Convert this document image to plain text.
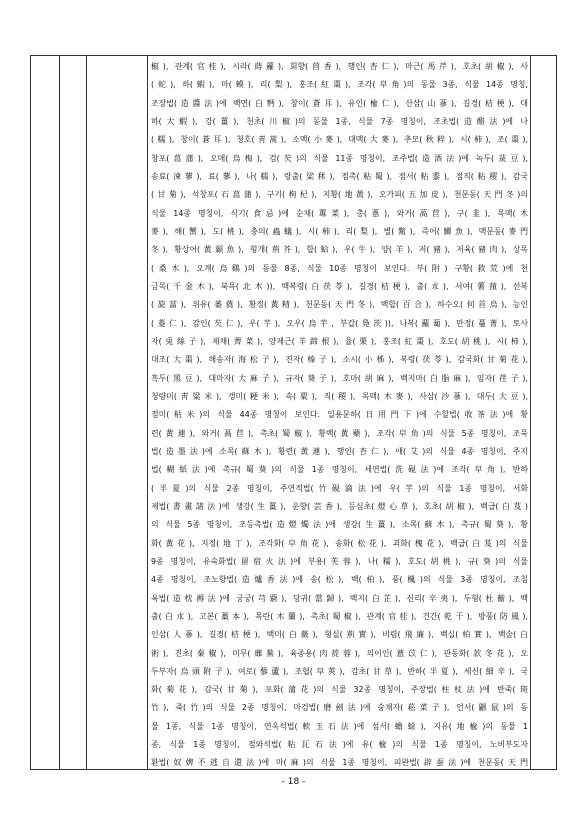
椒), 관계(官桂), 시라(蒔蘿), 회향(茴香), 행인(杏仁), 마근(馬芹), 호초(胡椒), 사
(蛇), 하(蝦), 마(蟆), 리(梨), 홍조(紅棗), 조각(皁角)의 동물 3종, 식물 14종 명칭,
조장법(造醬法)에 백면(白麪), 창이(蒼耳), 유인(楡仁), 산삼(山蔘), 길경(桔梗), 대
하(大蝦), 강(薑), 천초(川椒)의 동물 1종, 식물 7종 명칭이, 조초법(造醋法)에 나
(糯), 창이(蒼耳), 청호(靑蒿), 소맥(小麥), 대맥(大麥), 추모(秋粹), 시(柿), 조(棗),
창포(菖蒲), 오매(烏梅), 검(芡)의 식물 11종 명칭이, 조주법(造酒法)에 녹두(菉豆),
송료(涑蓼), 료(蓼), 나(糯), 랑출(梁秫), 점촉(粘蜀), 점서(粘黍), 점직(粘稷), 감국
(甘菊), 석창포(石菖蒲), 구기(枸杞), 지황(地黃), 오가피(五加皮), 천문동(天門冬)의
식물 14종 명칭이, 식기(食忌)에 순채(蓴菜), 총(蔥), 와거(萵苣), 구(韭), 목맥(木
麥), 해(蟹), 도(桃), 충의(蟲蟻), 시(柿), 리(梨), 별(鱉), 즉어(鯽魚), 맥문동(麥門
冬), 황상어(黃顙魚), 형개(荊芥), 합(蛤), 우(牛), 양(羊), 저(豬), 저육(豬肉), 상목
(桑木), 오계(烏鷄)의 동물 8종, 식물 10종 명칭이 보인다. 부(附) 구황(救荒)에 천
금목(千金木), 북목(北木)), 백복령(白茯苓), 길경(桔梗), 출(朮), 서여(薯蕷), 선복
(旋葍), 위유(萎蕤), 황정(黃精), 천문동(天門冬), 백합(百合), 하수오(何首烏), 능인
(菱仁), 감인(芡仁), 우(芋), 오우(烏芋, 부갑(鳧茨)), 나복(蘿蔔), 만정(蔓菁), 토사
자(兎絲子), 제채(薺菜), 양제근(羊蹄根), 율(栗), 홍조(紅棗), 호도(胡桃), 시(柿),
대조(大棗), 해송자(海松子), 진자(榛子), 소시(小柹), 복령(茯苓), 감국화(甘菊花),
흑두(黑豆), 대마자(大麻子), 규자(葵子), 호마(胡麻), 백지마(白脂麻), 임자(荏子),
청량미(靑粱米), 갱미(粳米), 속(粟), 직(稷), 목맥(木麥), 사삼(沙蔘), 대두(大豆),
점미(粘米)의 식물 44종 명칭이 보인다. 일용문하(日用門下)에 수할법(收茶法)에 황
련(黃連), 와거(萵苣), 촉초(蜀椒), 황백(黃蘗), 조각(皁角)의 식물 5종 명칭이, 조묵
법(造墨法)에 소목(蘇木), 황련(黃連), 행인(杏仁), 애(艾)의 식물 4종 명칭이, 주지
법(糊紙法)에 촉규(蜀葵)의 식물 1종 명칭이, 세연법(洗硯法)에 조각(皁角), 반하
(半夏)의 식물 2종 명칭이, 주연적법(竹硯滴法)에 우(芋)의 식물 1종 명칭이, 서화
제법(書畫諸法)에 생강(生薑), 운향(芸香), 등심초(燈心草), 호초(胡椒), 백급(白芨)
의 식물 5종 명칭이, 조등촉법(造燈燭法)에 생강(生薑), 소목(蘇木), 촉규(蜀葵), 황
화(黃花), 지정(地丁), 조각화(皁角花), 송화(松花), 괴화(槐花), 백급(白芨)의 식물
9종 명칭이, 유숙화법(留宿火法)에 부용(芙蓉), 나(糯), 호도(胡桃), 규(葵)의 식물
4종 명칭이, 조노향법(造爐香法)에 송(松), 백(柏), 풍(楓)의 식물 3종 명칭이, 조침
욕법(造枕褥法)에 궁궁(芎藭), 당귀(當歸), 백지(白芷), 신리(辛夷), 두형(杜蘅), 백
출(白朮), 고본(藁本), 목란(木蘭), 촉초(蜀椒), 관계(官桂), 건간(乾干), 방풍(防風),
인삼(人蔘), 길경(桔梗), 백미(白薇), 형실(荊實), 비렴(飛廉), 백실(柏實), 백술(白
術), 진초(秦椒), 미무(蘼蕪), 육종용(肉蓯蓉), 의이인(薏苡仁), 관동화(款冬花), 오
두부자(烏頭附子), 여로(藜蘆), 조협(皁莢), 감초(甘草), 반하(半夏), 세신(細辛), 국
화(菊花), 감국(甘菊), 포화(蒲花)의 식물 32종 명칭이, 주장법(柱杖法)에 반죽(斑
竹), 죽(竹)의 식물 2종 명칭이, 마검법(磨劍法)에 숭채자(菘菜子), 언서(鼴鼠)의 동
물 1종, 식물 1종 명칭이, 연옥석법(軟玉石法)에 섬서(蟾蜍), 지유(地楡)의 동물 1
종, 식물 1종 명칭이, 점와석법(粘瓦石法)에 유(楡)의 식물 1종 명칭이, 노비부도자
환법(奴婢不逃自還法)에 마(麻)의 식물 1종 명칭이, 피완법(辟蚕法)에 천문동(天門
- 18 -
